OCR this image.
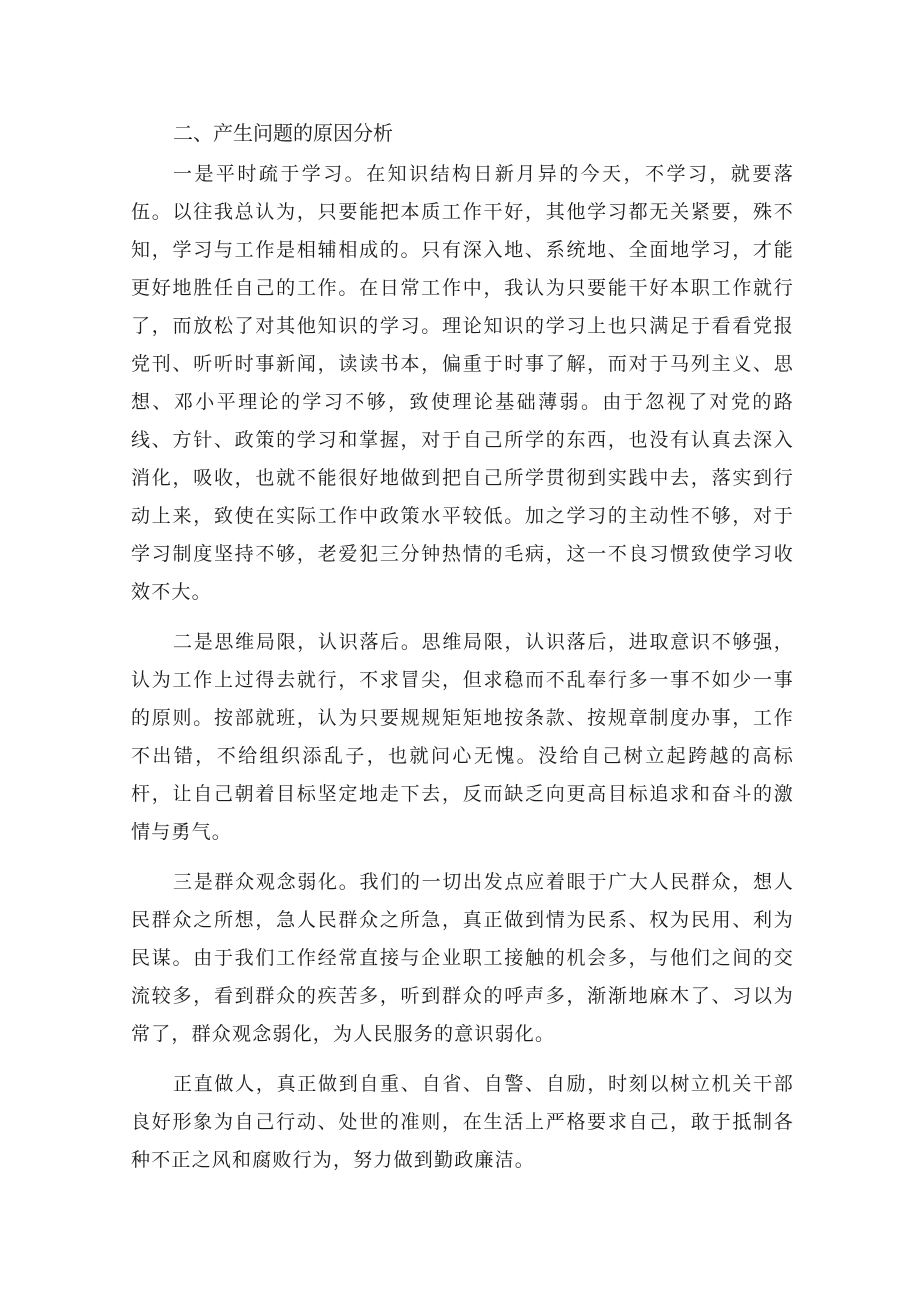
二、产生问题的原因分析

一是平时疏于学习。在知识结构日新月异的今天，不学习，就要落伍。以往我总认为，只要能把本质工作干好，其他学习都无关紧要，殊不知，学习与工作是相辅相成的。只有深入地、系统地、全面地学习，才能更好地胜任自己的工作。在日常工作中，我认为只要能干好本职工作就行了，而放松了对其他知识的学习。理论知识的学习上也只满足于看看党报党刊、听听时事新闻，读读书本，偏重于时事了解，而对于马列主义、思想、邓小平理论的学习不够，致使理论基础薄弱。由于忽视了对党的路线、方针、政策的学习和掌握，对于自己所学的东西，也没有认真去深入消化，吸收，也就不能很好地做到把自己所学贯彻到实践中去，落实到行动上来，致使在实际工作中政策水平较低。加之学习的主动性不够，对于学习制度坚持不够，老爱犯三分钟热情的毛病，这一不良习惯致使学习收效不大。

二是思维局限，认识落后。思维局限，认识落后，进取意识不够强，认为工作上过得去就行，不求冒尖，但求稳而不乱奉行多一事不如少一事的原则。按部就班，认为只要规规矩矩地按条款、按规章制度办事，工作不出错，不给组织添乱子，也就问心无愧。没给自己树立起跨越的高标杆，让自己朝着目标坚定地走下去，反而缺乏向更高目标追求和奋斗的激情与勇气。

三是群众观念弱化。我们的一切出发点应着眼于广大人民群众，想人民群众之所想，急人民群众之所急，真正做到情为民系、权为民用、利为民谋。由于我们工作经常直接与企业职工接触的机会多，与他们之间的交流较多，看到群众的疾苦多，听到群众的呼声多，渐渐地麻木了、习以为常了，群众观念弱化，为人民服务的意识弱化。

正直做人，真正做到自重、自省、自警、自励，时刻以树立机关干部良好形象为自己行动、处世的准则，在生活上严格要求自己，敢于抵制各种不正之风和腐败行为，努力做到勤政廉洁。
